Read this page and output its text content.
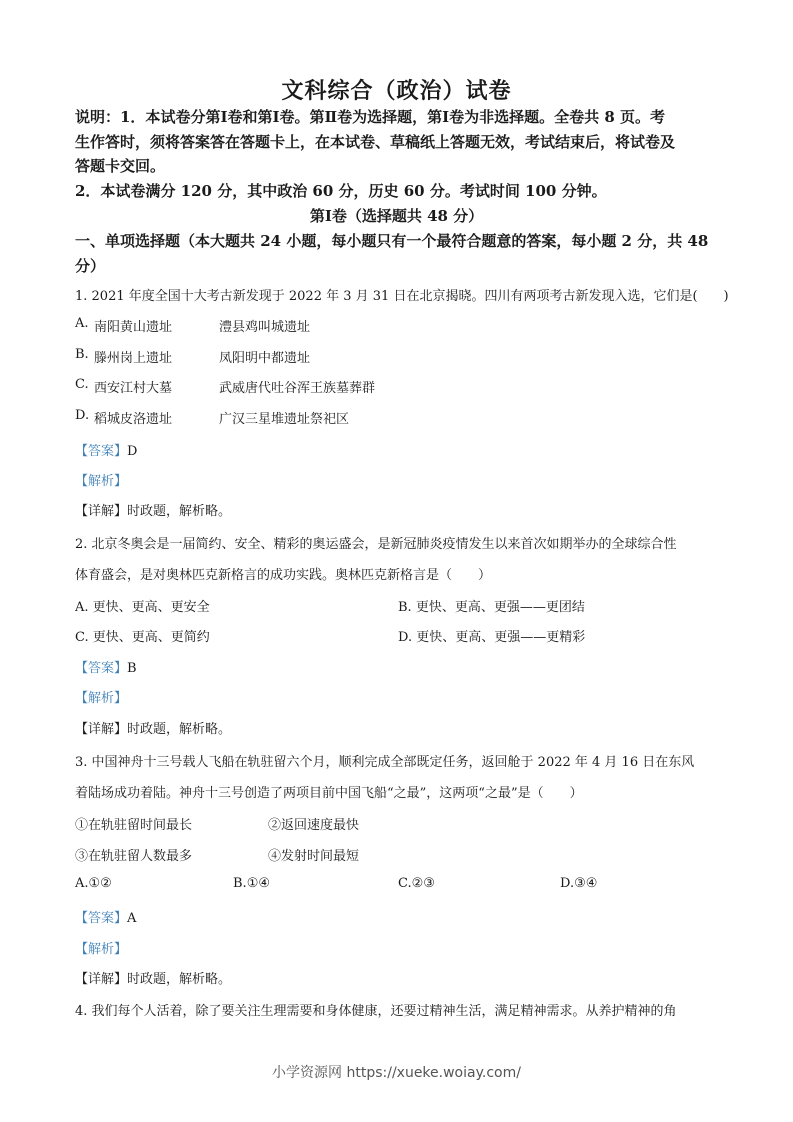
文科综合（政治）试卷
说明：1．本试卷分第Ⅰ卷和第Ⅰ卷。第Ⅱ卷为选择题，第Ⅰ卷为非选择题。全卷共 8 页。考
生作答时，须将答案答在答题卡上，在本试卷、草稿纸上答题无效，考试结束后，将试卷及
答题卡交回。
2．本试卷满分 120 分，其中政治 60 分，历史 60 分。考试时间 100 分钟。
第Ⅰ卷（选择题共 48 分）
一、单项选择题（本大题共 24 小题，每小题只有一个最符合题意的答案，每小题 2 分，共 48
分）
1. 2021 年度全国十大考古新发现于 2022 年 3 月 31 日在北京揭晓。四川有两项考古新发现入选，它们是(　　)
A. 南阳黄山遗址	澧县鸡叫城遗址
B. 滕州岗上遗址	凤阳明中都遗址
C. 西安江村大墓	武威唐代吐谷浑王族墓葬群
D. 稻城皮洛遗址	广汉三星堆遗址祭祀区
【答案】D
【解析】
【详解】时政题，解析略。
2. 北京冬奥会是一届简约、安全、精彩的奥运盛会，是新冠肺炎疫情发生以来首次如期举办的全球综合性
体育盛会，是对奥林匹克新格言的成功实践。奥林匹克新格言是（　　）
A. 更快、更高、更安全	B. 更快、更高、更强——更团结
C. 更快、更高、更简约	D. 更快、更高、更强——更精彩
【答案】B
【解析】
【详解】时政题，解析略。
3. 中国神舟十三号载人飞船在轨驻留六个月，顺利完成全部既定任务，返回舱于 2022 年 4 月 16 日在东风
着陆场成功着陆。神舟十三号创造了两项目前中国飞船“之最”，这两项“之最”是（　　）
①在轨驻留时间最长	②返回速度最快
③在轨驻留人数最多	④发射时间最短
A.①②	B.①④	C.②③	D.③④
【答案】A
【解析】
【详解】时政题，解析略。
4. 我们每个人活着，除了要关注生理需要和身体健康，还要过精神生活，满足精神需求。从养护精神的角
小学资源网 https://xueke.woiay.com/
